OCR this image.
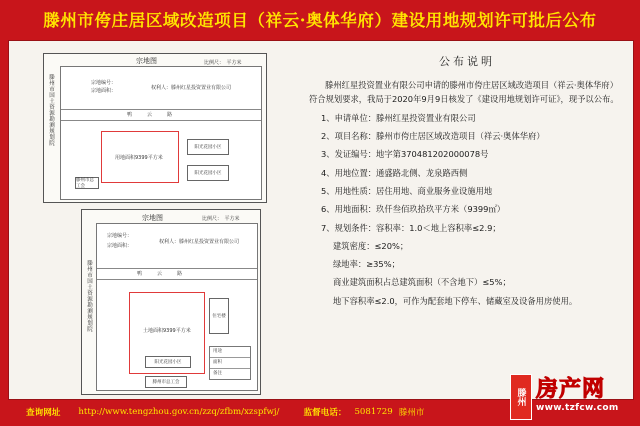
滕州市侉庄居区域改造项目（祥云·奥体华府）建设用地规划许可批后公布
宗地图	比例尺：　平方米
滕州市国土资源勘测规划院	宗地编号：
宗地面积：	权利人：滕州红星投资置业有限公司
鸭　　　云　　　路
用地面积9399平方米
阳光花园小区
阳光花园小区
滕州市总工会
宗地图	比例尺：　平方米
滕州市国土资源勘测规划院
宗地编号：
宗地面积：
权利人：滕州红星投资置业有限公司
鸭　　　云　　　路
土地面积9399平方米
住宅楼
阳光花园小区
滕州市总工会
用途
面积
备注
公布说明

滕州红星投资置业有限公司申请的滕州市侉庄居区域改造项目（祥云·奥体华府）符合规划要求，我局于2020年9月9日核发了《建设用地规划许可证》，现予以公布。

1、申请单位：滕州红星投资置业有限公司
2、项目名称：滕州市侉庄居区域改造项目（祥云·奥体华府）
3、发证编号：地字第370481202000078号
4、用地位置：通盛路北侧、龙泉路西侧
5、用地性质：居住用地、商业服务业设施用地
6、用地面积：玖仟叁佰玖拾玖平方米（9399㎡）
7、规划条件：容积率：1.0＜地上容积率≤2.9；
建筑密度：≤20%；
绿地率：≥35%；
商业建筑面积占总建筑面积（不含地下）≤5%；
地下容积率≤2.0，可作为配套地下停车、储藏室及设备用房使用。
查询网址 http://www.tengzhou.gov.cn/zzq/zfbm/xzspfwj/	监督电话： 5081729 滕州市
滕州 房产网
www.tzfcw.com
